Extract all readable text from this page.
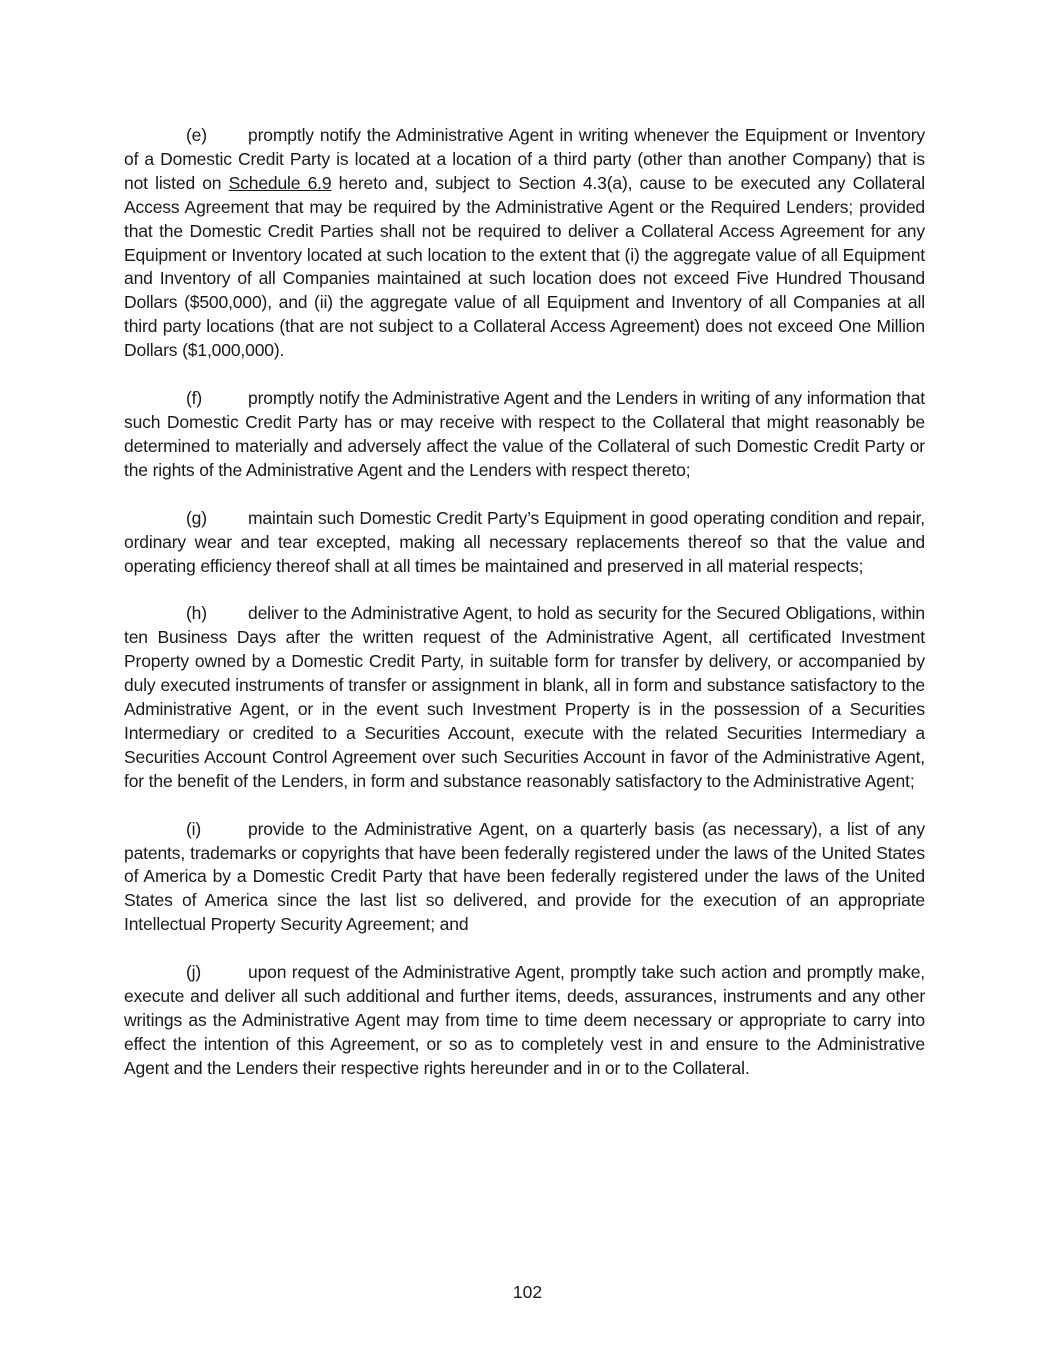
(e) promptly notify the Administrative Agent in writing whenever the Equipment or Inventory of a Domestic Credit Party is located at a location of a third party (other than another Company) that is not listed on Schedule 6.9 hereto and, subject to Section 4.3(a), cause to be executed any Collateral Access Agreement that may be required by the Administrative Agent or the Required Lenders; provided that the Domestic Credit Parties shall not be required to deliver a Collateral Access Agreement for any Equipment or Inventory located at such location to the extent that (i) the aggregate value of all Equipment and Inventory of all Companies maintained at such location does not exceed Five Hundred Thousand Dollars ($500,000), and (ii) the aggregate value of all Equipment and Inventory of all Companies at all third party locations (that are not subject to a Collateral Access Agreement) does not exceed One Million Dollars ($1,000,000).

(f)	promptly notify the Administrative Agent and the Lenders in writing of any information that such Domestic Credit Party has or may receive with respect to the Collateral that might reasonably be determined to materially and adversely affect the value of the Collateral of such Domestic Credit Party or the rights of the Administrative Agent and the Lenders with respect thereto;

(g) maintain such Domestic Credit Party’s Equipment in good operating condition and repair, ordinary wear and tear excepted, making all necessary replacements thereof so that the value and operating efficiency thereof shall at all times be maintained and preserved in all material respects;

(h) deliver to the Administrative Agent, to hold as security for the Secured Obligations, within ten Business Days after the written request of the Administrative Agent, all certificated Investment Property owned by a Domestic Credit Party, in suitable form for transfer by delivery, or accompanied by duly executed instruments of transfer or assignment in blank, all in form and substance satisfactory to the Administrative Agent, or in the event such Investment Property is in the possession of a Securities Intermediary or credited to a Securities Account, execute with the related Securities Intermediary a Securities Account Control Agreement over such Securities Account in favor of the Administrative Agent, for the benefit of the Lenders, in form and substance reasonably satisfactory to the Administrative Agent;

(i)	provide to the Administrative Agent, on a quarterly basis (as necessary), a list of any patents, trademarks or copyrights that have been federally registered under the laws of the United States of America by a Domestic Credit Party that have been federally registered under the laws of the United States of America since the last list so delivered, and provide for the execution of an appropriate Intellectual Property Security Agreement; and

(j)	upon request of the Administrative Agent, promptly take such action and promptly make, execute and deliver all such additional and further items, deeds, assurances, instruments and any other writings as the Administrative Agent may from time to time deem necessary or appropriate to carry into effect the intention of this Agreement, or so as to completely vest in and ensure to the Administrative Agent and the Lenders their respective rights hereunder and in or to the Collateral.

102
